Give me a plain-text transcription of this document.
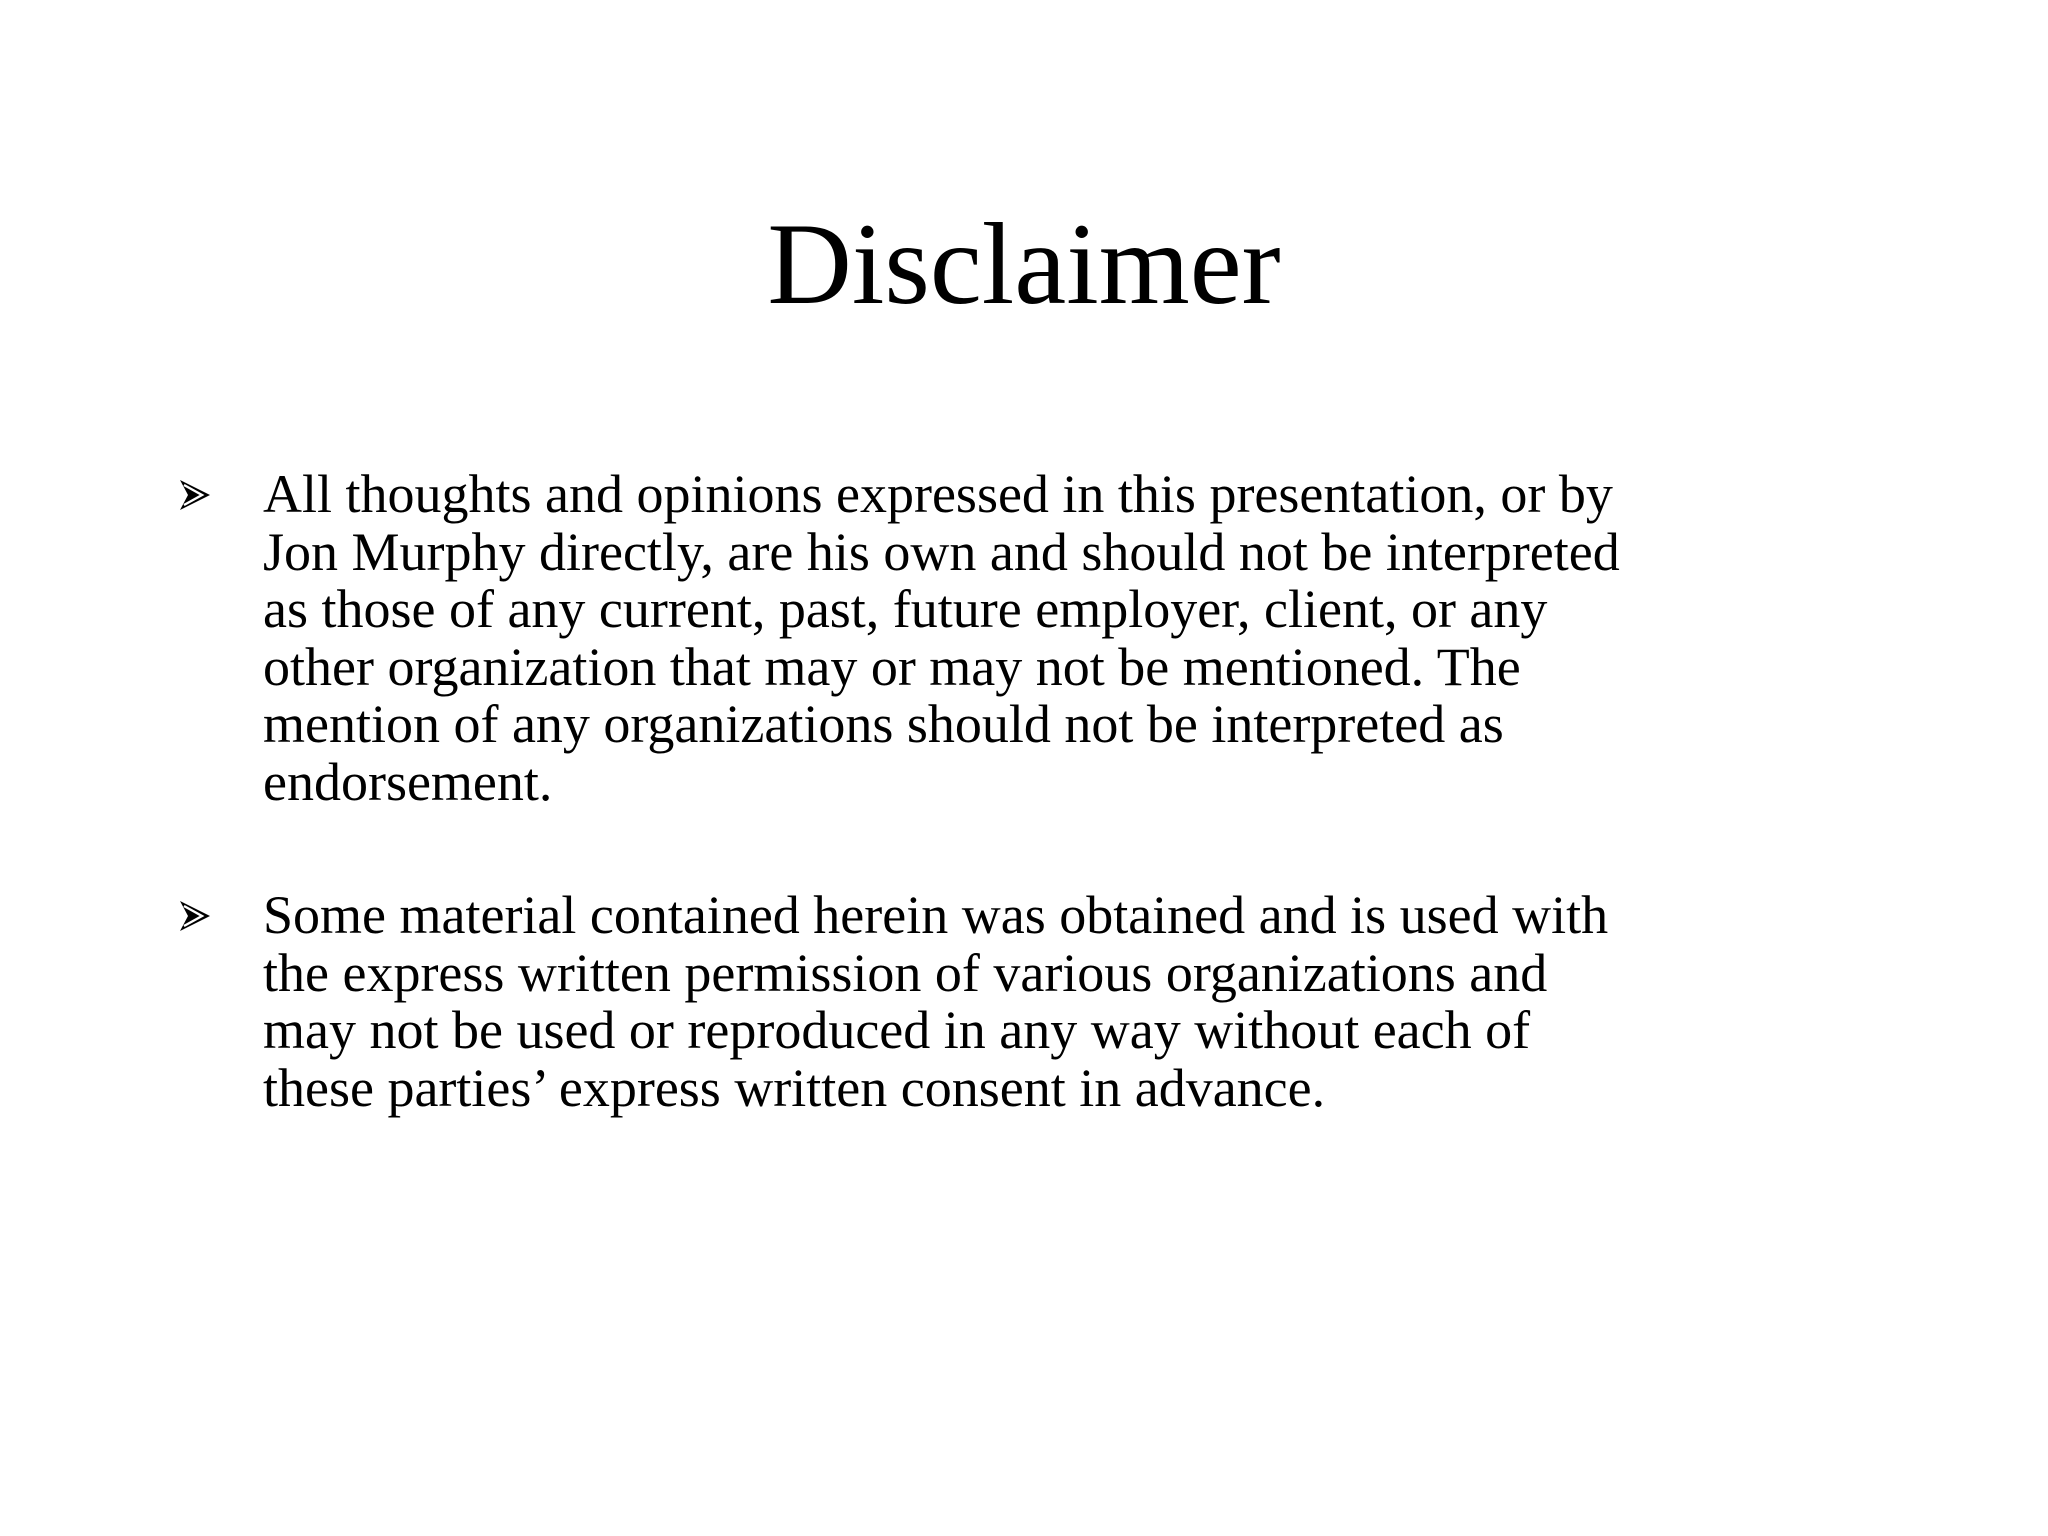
Disclaimer
All thoughts and opinions expressed in this presentation, or by
Jon Murphy directly, are his own and should not be interpreted
as those of any current, past, future employer, client, or any
other organization that may or may not be mentioned. The
mention of any organizations should not be interpreted as
endorsement.
Some material contained herein was obtained and is used with
the express written permission of various organizations and
may not be used or reproduced in any way without each of
these parties’ express written consent in advance.
